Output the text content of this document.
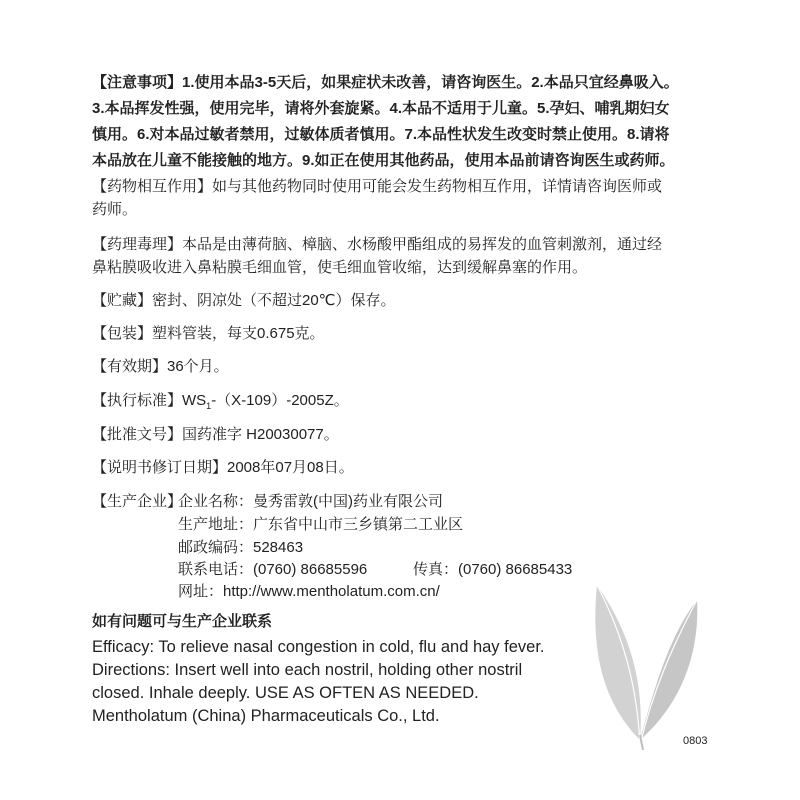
【注意事项】1.使用本品3-5天后，如果症状未改善，请咨询医生。2.本品只宜经鼻吸入。
3.本品挥发性强，使用完毕，请将外套旋紧。4.本品不适用于儿童。5.孕妇、哺乳期妇女
慎用。6.对本品过敏者禁用，过敏体质者慎用。7.本品性状发生改变时禁止使用。8.请将
本品放在儿童不能接触的地方。9.如正在使用其他药品，使用本品前请咨询医生或药师。
【药物相互作用】如与其他药物同时使用可能会发生药物相互作用，详情请咨询医师或
药师。
【药理毒理】本品是由薄荷脑、樟脑、水杨酸甲酯组成的易挥发的血管刺激剂，通过经
鼻粘膜吸收进入鼻粘膜毛细血管，使毛细血管收缩，达到缓解鼻塞的作用。
【贮藏】密封、阴凉处（不超过20℃）保存。
【包装】塑料管装，每支0.675克。
【有效期】36个月。
【执行标准】$WS_1-(X-109)-2005Z$。
【批准文号】国药准字 H20030077。
【说明书修订日期】2008年07月08日。
【生产企业】
企业名称：曼秀雷敦(中国)药业有限公司
生产地址：广东省中山市三乡镇第二工业区
邮政编码：528463
联系电话：(0760) 86685596	传真：(0760) 86685433
网址：http://www.mentholatum.com.cn/
如有问题可与生产企业联系
Efficacy: To relieve nasal congestion in cold, flu and hay fever.
Directions: Insert well into each nostril, holding other nostril
closed. Inhale deeply. USE AS OFTEN AS NEEDED.
Mentholatum (China) Pharmaceuticals Co., Ltd.
0803
